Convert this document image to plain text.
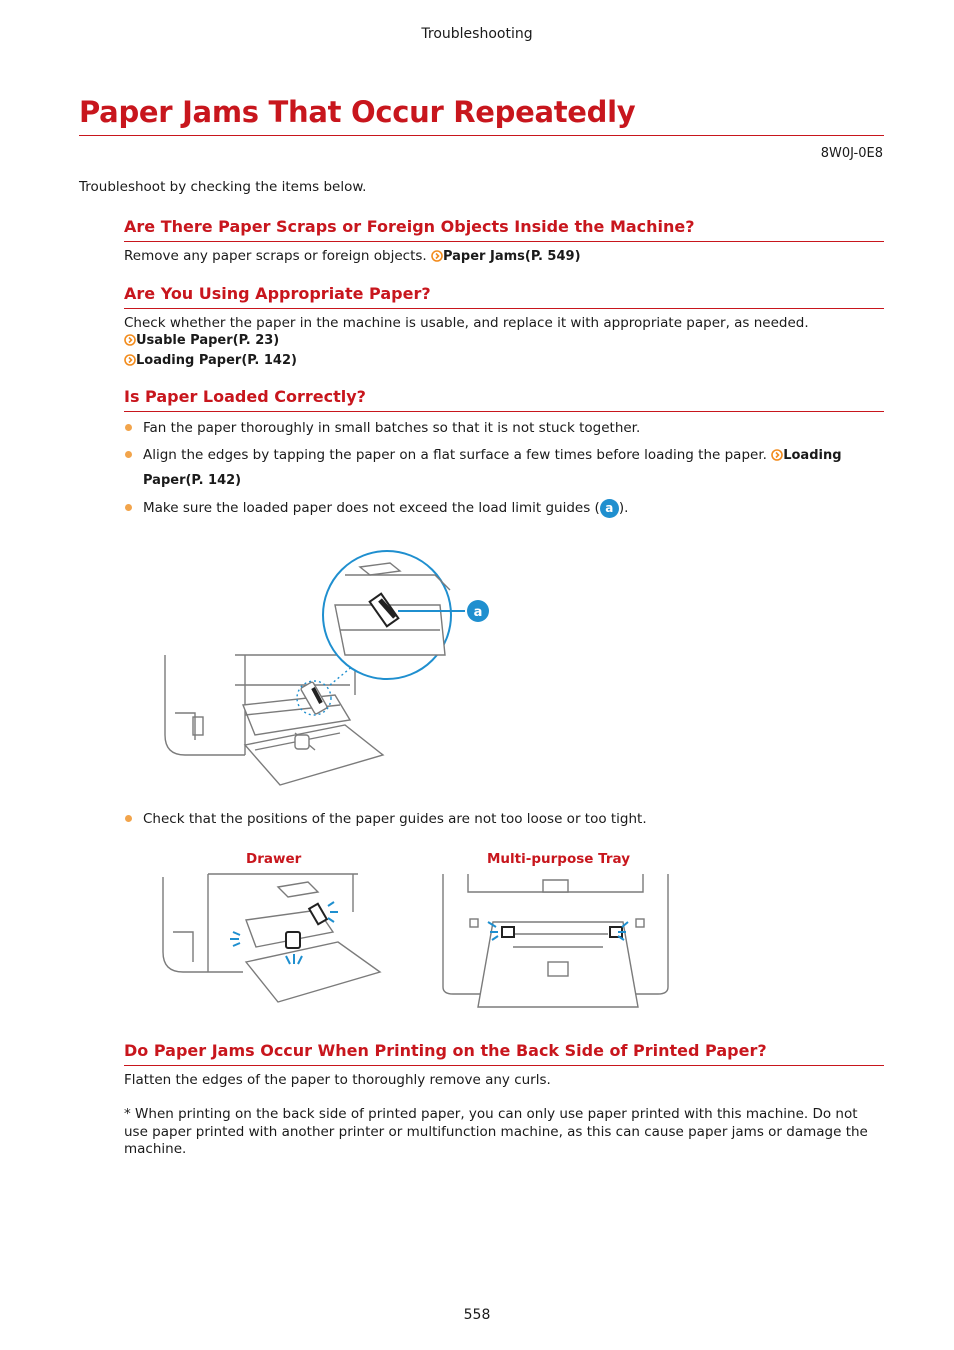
Troubleshooting
Paper Jams That Occur Repeatedly
8W0J-0E8
Troubleshoot by checking the items below.
Are There Paper Scraps or Foreign Objects Inside the Machine?
Remove any paper scraps or foreign objects. Paper Jams(P. 549)
Are You Using Appropriate Paper?
Check whether the paper in the machine is usable, and replace it with appropriate paper, as needed.
Usable Paper(P. 23)
Loading Paper(P. 142)
Is Paper Loaded Correctly?
Fan the paper thoroughly in small batches so that it is not stuck together.
Align the edges by tapping the paper on a flat surface a few times before loading the paper. Loading Paper(P. 142)
Make sure the loaded paper does not exceed the load limit guides ( a ).
a
Check that the positions of the paper guides are not too loose or too tight.
Drawer	Multi-purpose Tray
Do Paper Jams Occur When Printing on the Back Side of Printed Paper?
Flatten the edges of the paper to thoroughly remove any curls.
* When printing on the back side of printed paper, you can only use paper printed with this machine. Do not use paper printed with another printer or multifunction machine, as this can cause paper jams or damage the machine.
558
